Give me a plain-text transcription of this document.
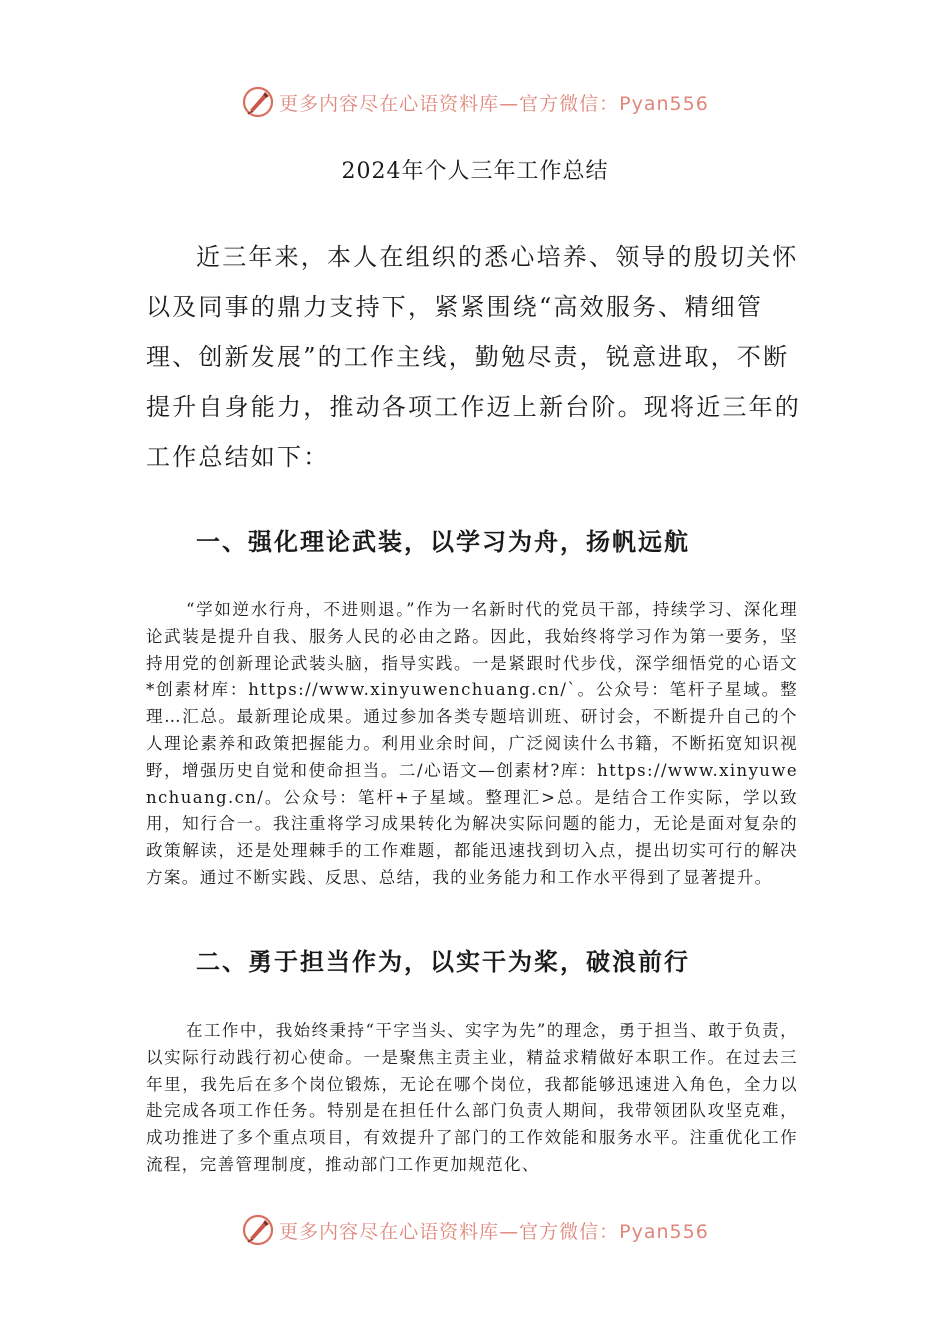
更多内容尽在心语资料库—官方微信：Pyan556
2024年个人三年工作总结

近三年来，本人在组织的悉心培养、领导的殷切关怀以及同事的鼎力支持下，紧紧围绕“高效服务、精细管理、创新发展”的工作主线，勤勉尽责，锐意进取，不断提升自身能力，推动各项工作迈上新台阶。现将近三年的工作总结如下：

一、强化理论武装，以学习为舟，扬帆远航

“学如逆水行舟，不进则退。”作为一名新时代的党员干部，持续学习、深化理论武装是提升自我、服务人民的必由之路。因此，我始终将学习作为第一要务，坚持用党的创新理论武装头脑，指导实践。一是紧跟时代步伐，深学细悟党的心语文*创素材库：https://www.xinyuwenchuang.cn/`。公众号：笔杆子星域。整理…汇总。最新理论成果。通过参加各类专题培训班、研讨会，不断提升自己的个人理论素养和政策把握能力。利用业余时间，广泛阅读什么书籍，不断拓宽知识视野，增强历史自觉和使命担当。二/心语文—创素材?库：https://www.xinyuwenchuang.cn/。公众号：笔杆+子星域。整理汇>总。是结合工作实际，学以致用，知行合一。我注重将学习成果转化为解决实际问题的能力，无论是面对复杂的政策解读，还是处理棘手的工作难题，都能迅速找到切入点，提出切实可行的解决方案。通过不断实践、反思、总结，我的业务能力和工作水平得到了显著提升。

二、勇于担当作为，以实干为桨，破浪前行

在工作中，我始终秉持“干字当头、实字为先”的理念，勇于担当、敢于负责，以实际行动践行初心使命。一是聚焦主责主业，精益求精做好本职工作。在过去三年里，我先后在多个岗位锻炼，无论在哪个岗位，我都能够迅速进入角色，全力以赴完成各项工作任务。特别是在担任什么部门负责人期间，我带领团队攻坚克难，成功推进了多个重点项目，有效提升了部门的工作效能和服务水平。注重优化工作流程，完善管理制度，推动部门工作更加规范化、

更多内容尽在心语资料库—官方微信：Pyan556
